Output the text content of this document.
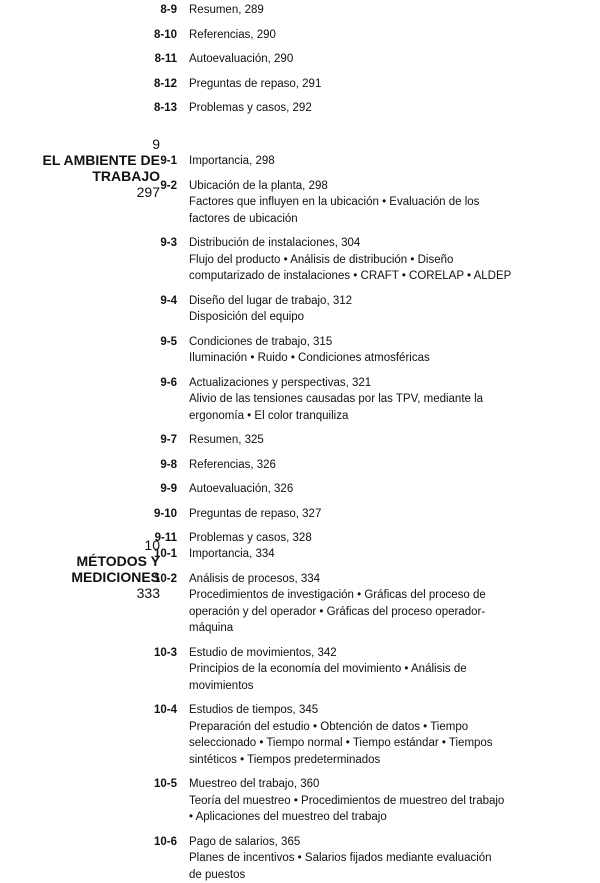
8-9 Resumen, 289
8-10 Referencias, 290
8-11 Autoevaluación, 290
8-12 Preguntas de repaso, 291
8-13 Problemas y casos, 292
9
EL AMBIENTE DE
TRABAJO
297
9-1 Importancia, 298
9-2 Ubicación de la planta, 298
Factores que influyen en la ubicación • Evaluación de los
factores de ubicación
9-3 Distribución de instalaciones, 304
Flujo del producto • Análisis de distribución • Diseño
computarizado de instalaciones • CRAFT • CORELAP • ALDEP
9-4 Diseño del lugar de trabajo, 312
Disposición del equipo
9-5 Condiciones de trabajo, 315
Iluminación • Ruido • Condiciones atmosféricas
9-6 Actualizaciones y perspectivas, 321
Alivio de las tensiones causadas por las TPV, mediante la
ergonomía • El color tranquiliza
9-7 Resumen, 325
9-8 Referencias, 326
9-9 Autoevaluación, 326
9-10 Preguntas de repaso, 327
9-11 Problemas y casos, 328
10
MÉTODOS Y
MEDICIONES
333
10-1 Importancia, 334
10-2 Análisis de procesos, 334
Procedimientos de investigación • Gráficas del proceso de
operación y del operador • Gráficas del proceso operador-
máquina
10-3 Estudio de movimientos, 342
Principios de la economía del movimiento • Análisis de
movimientos
10-4 Estudios de tiempos, 345
Preparación del estudio • Obtención de datos • Tiempo
seleccionado • Tiempo normal • Tiempo estándar • Tiempos
sintéticos • Tiempos predeterminados
10-5 Muestreo del trabajo, 360
Teoría del muestreo • Procedimientos de muestreo del trabajo
• Aplicaciones del muestreo del trabajo
10-6 Pago de salarios, 365
Planes de incentivos • Salarios fijados mediante evaluación
de puestos
